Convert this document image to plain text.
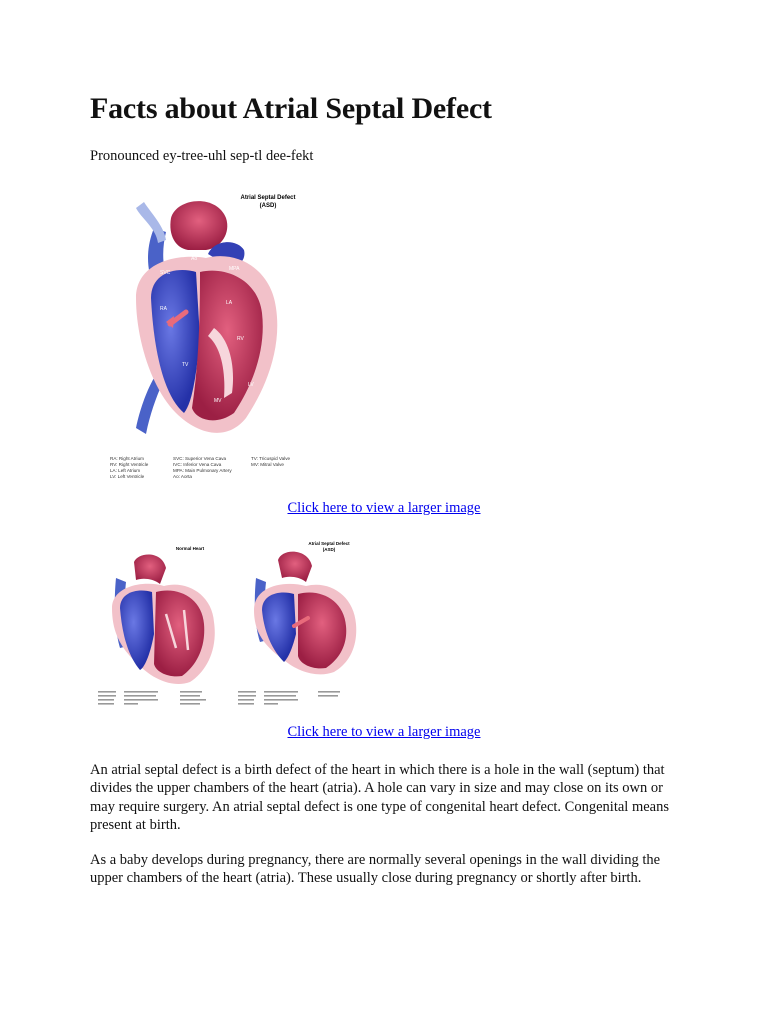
Facts about Atrial Septal Defect
Pronounced ey-tree-uhl sep-tl dee-fekt
Atrial Septal Defect
(ASD)
Ao
MPA
SVC
RA
LA
RV
LV
TV
MV
RA: Right Atrium
RV: Right Ventricle
LA: Left Atrium
LV: Left Ventricle
SVC: Superior Vena Cava
IVC: Inferior Vena Cava
MPA: Main Pulmonary Artery
Ao: Aorta
TV: Tricuspid Valve
MV: Mitral Valve
Click here to view a larger image
Normal Heart
Atrial Septal Defect
(ASD)
Click here to view a larger image

An atrial septal defect is a birth defect of the heart in which there is a hole in the wall (septum) that divides the upper chambers of the heart (atria). A hole can vary in size and may close on its own or may require surgery. An atrial septal defect is one type of congenital heart defect. Congenital means present at birth.

As a baby develops during pregnancy, there are normally several openings in the wall dividing the upper chambers of the heart (atria). These usually close during pregnancy or shortly after birth.
